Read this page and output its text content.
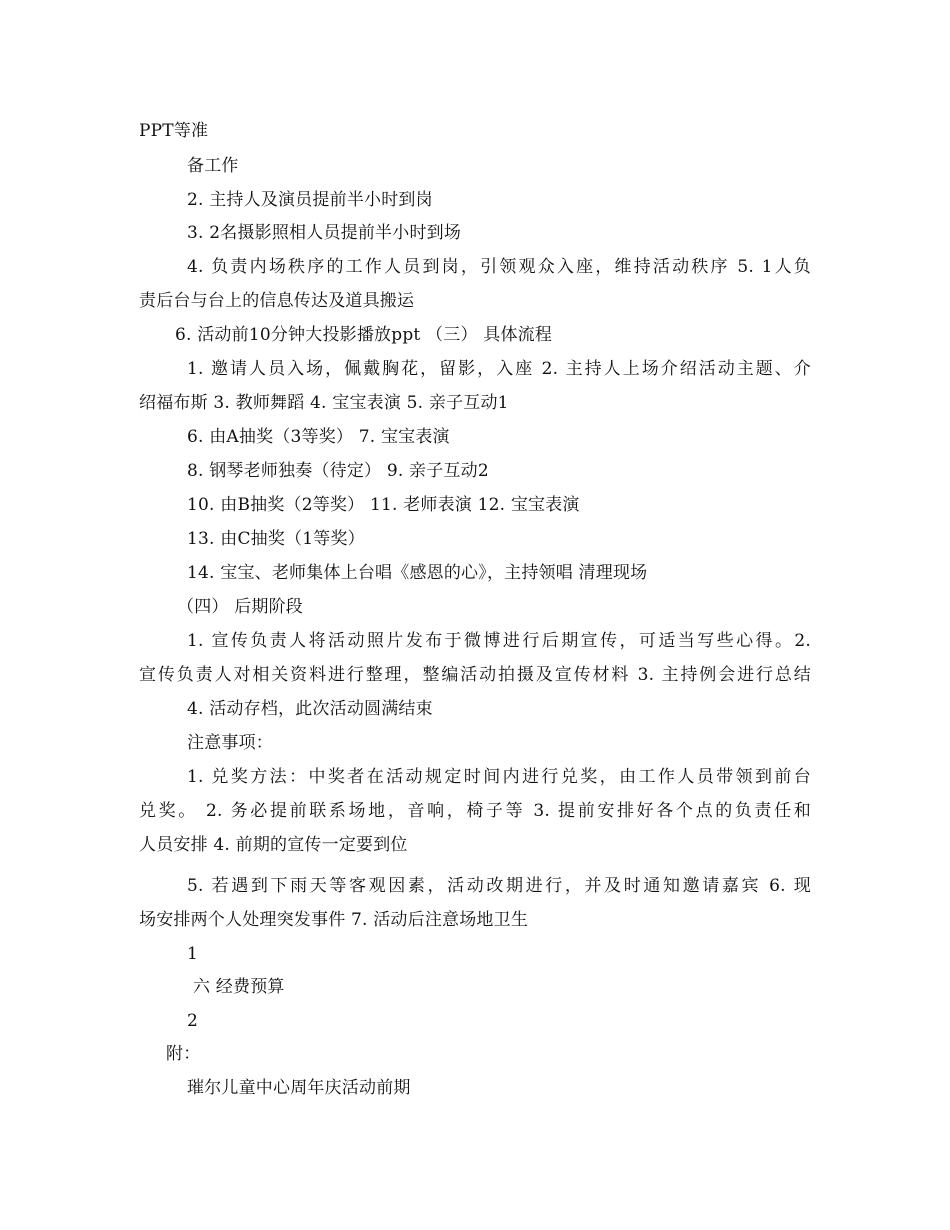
PPT等准
备工作
2. 主持人及演员提前半小时到岗
3. 2名摄影照相人员提前半小时到场
4. 负责内场秩序的工作人员到岗，引领观众入座，维持活动秩序 5. 1人负
责后台与台上的信息传达及道具搬运
6. 活动前10分钟大投影播放ppt （三） 具体流程
1. 邀请人员入场，佩戴胸花，留影，入座 2. 主持人上场介绍活动主题、介
绍福布斯 3. 教师舞蹈 4. 宝宝表演 5. 亲子互动1
6. 由A抽奖（3等奖） 7. 宝宝表演
8. 钢琴老师独奏（待定） 9. 亲子互动2
10. 由B抽奖（2等奖） 11. 老师表演 12. 宝宝表演
13. 由C抽奖（1等奖）
14. 宝宝、老师集体上台唱《感恩的心》，主持领唱 清理现场
（四） 后期阶段
1. 宣传负责人将活动照片发布于微博进行后期宣传，可适当写些心得。2.
宣传负责人对相关资料进行整理，整编活动拍摄及宣传材料 3. 主持例会进行总结
4. 活动存档，此次活动圆满结束
注意事项：
1. 兑奖方法：中奖者在活动规定时间内进行兑奖，由工作人员带领到前台
兑奖。 2. 务必提前联系场地，音响，椅子等 3. 提前安排好各个点的负责任和
人员安排 4. 前期的宣传一定要到位
5. 若遇到下雨天等客观因素，活动改期进行，并及时通知邀请嘉宾 6. 现
场安排两个人处理突发事件 7. 活动后注意场地卫生
1
六 经费预算
2
附：
璀尔儿童中心周年庆活动前期
